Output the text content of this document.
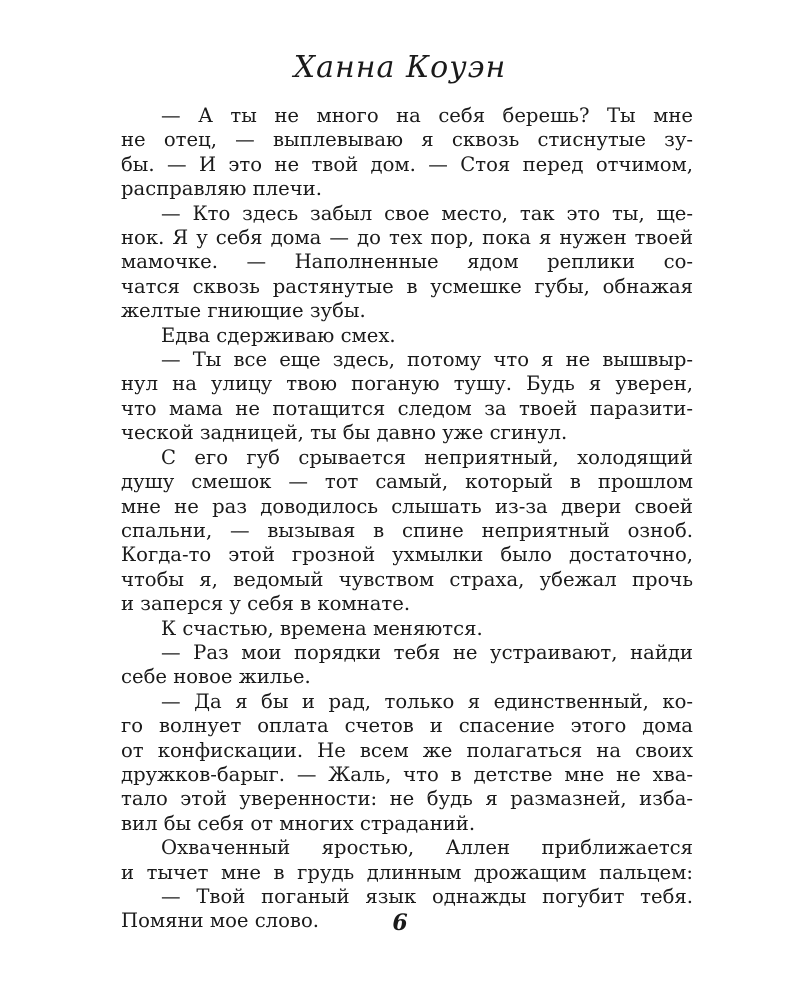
Ханна Коуэн
— А ты не много на себя берешь? Ты мне
не отец, — выплевываю я сквозь стиснутые зу-
бы. — И это не твой дом. — Стоя перед отчимом,
расправляю плечи.
— Кто здесь забыл свое место, так это ты, ще-
нок. Я у себя дома — до тех пор, пока я нужен твоей
мамочке. — Наполненные ядом реплики со-
чатся сквозь растянутые в усмешке губы, обнажая
желтые гниющие зубы.
Едва сдерживаю смех.
— Ты все еще здесь, потому что я не вышвыр-
нул на улицу твою поганую тушу. Будь я уверен,
что мама не потащится следом за твоей паразити-
ческой задницей, ты бы давно уже сгинул.
С его губ срывается неприятный, холодящий
душу смешок — тот самый, который в прошлом
мне не раз доводилось слышать из-за двери своей
спальни, — вызывая в спине неприятный озноб.
Когда-то этой грозной ухмылки было достаточно,
чтобы я, ведомый чувством страха, убежал прочь
и заперся у себя в комнате.
К счастью, времена меняются.
— Раз мои порядки тебя не устраивают, найди
себе новое жилье.
— Да я бы и рад, только я единственный, ко-
го волнует оплата счетов и спасение этого дома
от конфискации. Не всем же полагаться на своих
дружков-барыг. — Жаль, что в детстве мне не хва-
тало этой уверенности: не будь я размазней, изба-
вил бы себя от многих страданий.
Охваченный яростью, Аллен приближается
и тычет мне в грудь длинным дрожащим пальцем:
— Твой поганый язык однажды погубит тебя.
Помяни мое слово.	6
